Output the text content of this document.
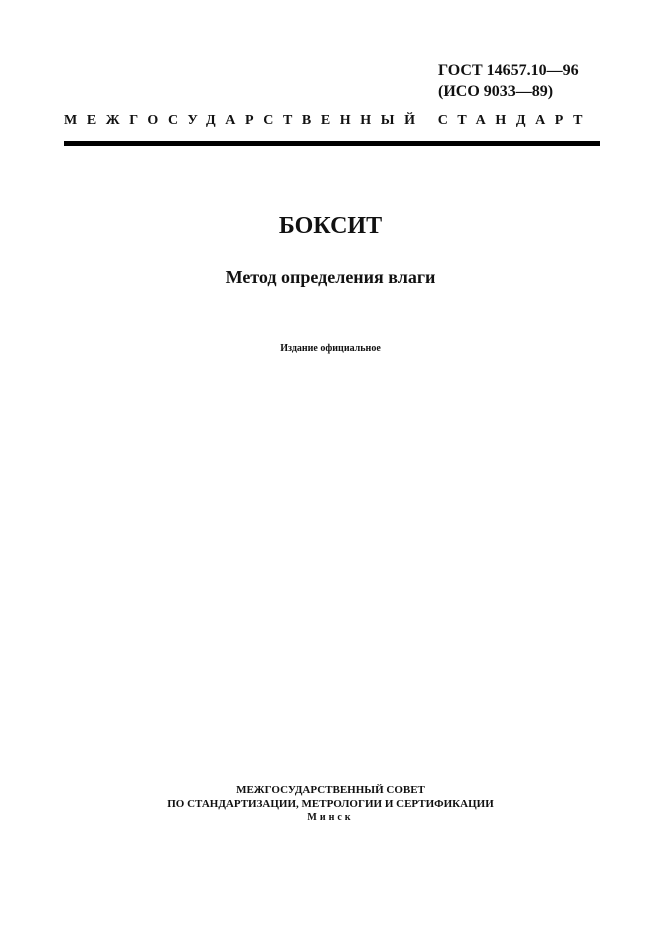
ГОСТ 14657.10—96
(ИСО 9033—89)
МЕЖГОСУДАРСТВЕННЫЙ СТАНДАРТ
БОКСИТ
Метод определения влаги
Издание официальное
МЕЖГОСУДАРСТВЕННЫЙ СОВЕТ
ПО СТАНДАРТИЗАЦИИ, МЕТРОЛОГИИ И СЕРТИФИКАЦИИ
Минск
